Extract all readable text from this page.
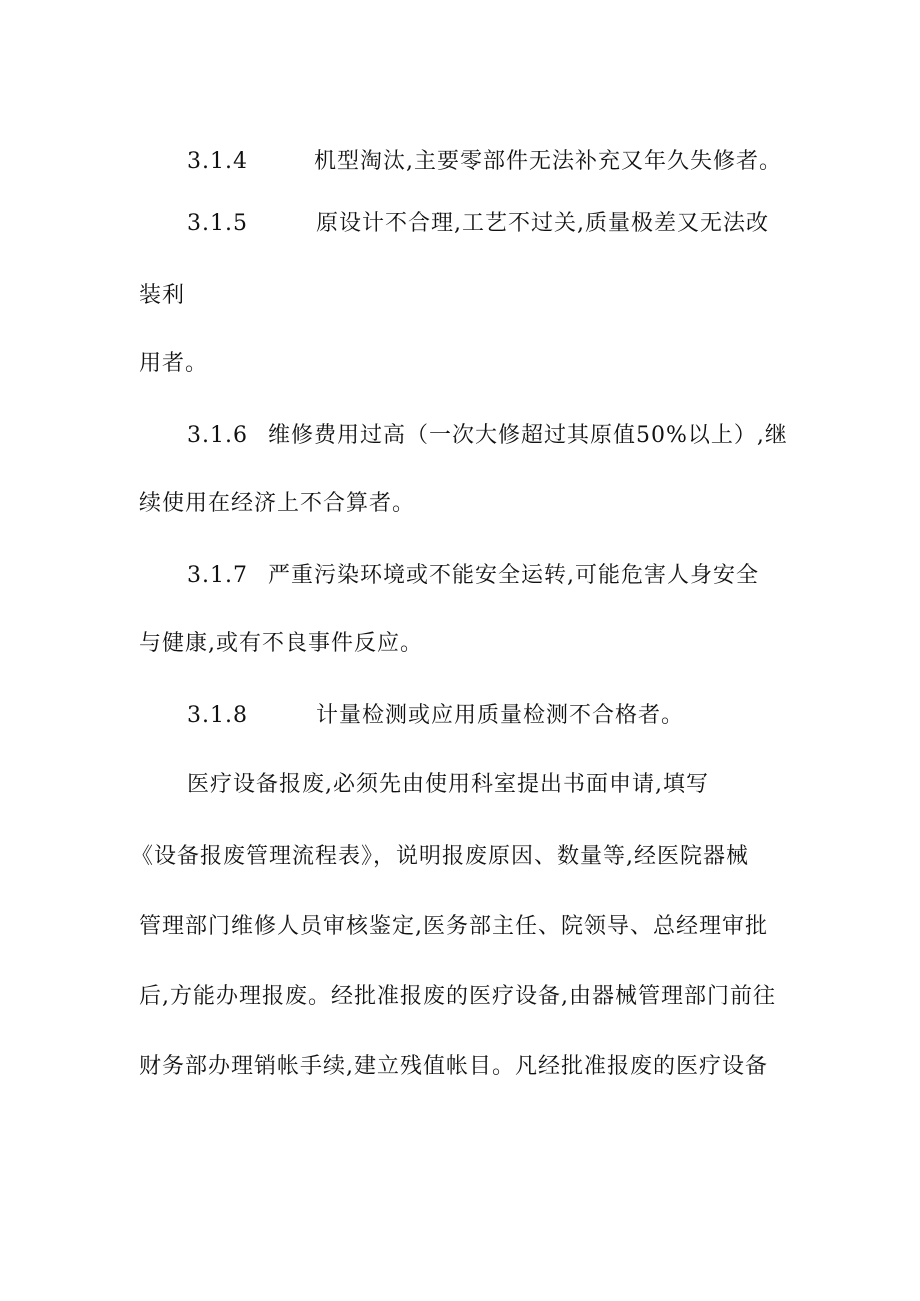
3.1.4	机型淘汰,主要零部件无法补充又年久失修者。
3.1.5	原设计不合理,工艺不过关,质量极差又无法改
装利
用者。
3.1.6 维修费用过高（一次大修超过其原值50%以上）,继
续使用在经济上不合算者。
3.1.7 严重污染环境或不能安全运转,可能危害人身安全
与健康,或有不良事件反应。
3.1.8	计量检测或应用质量检测不合格者。
医疗设备报废,必须先由使用科室提出书面申请,填写
《设备报废管理流程表》，说明报废原因、数量等,经医院器械
管理部门维修人员审核鉴定,医务部主任、院领导、总经理审批
后,方能办理报废。经批准报废的医疗设备,由器械管理部门前往
财务部办理销帐手续,建立残值帐目。凡经批准报废的医疗设备
